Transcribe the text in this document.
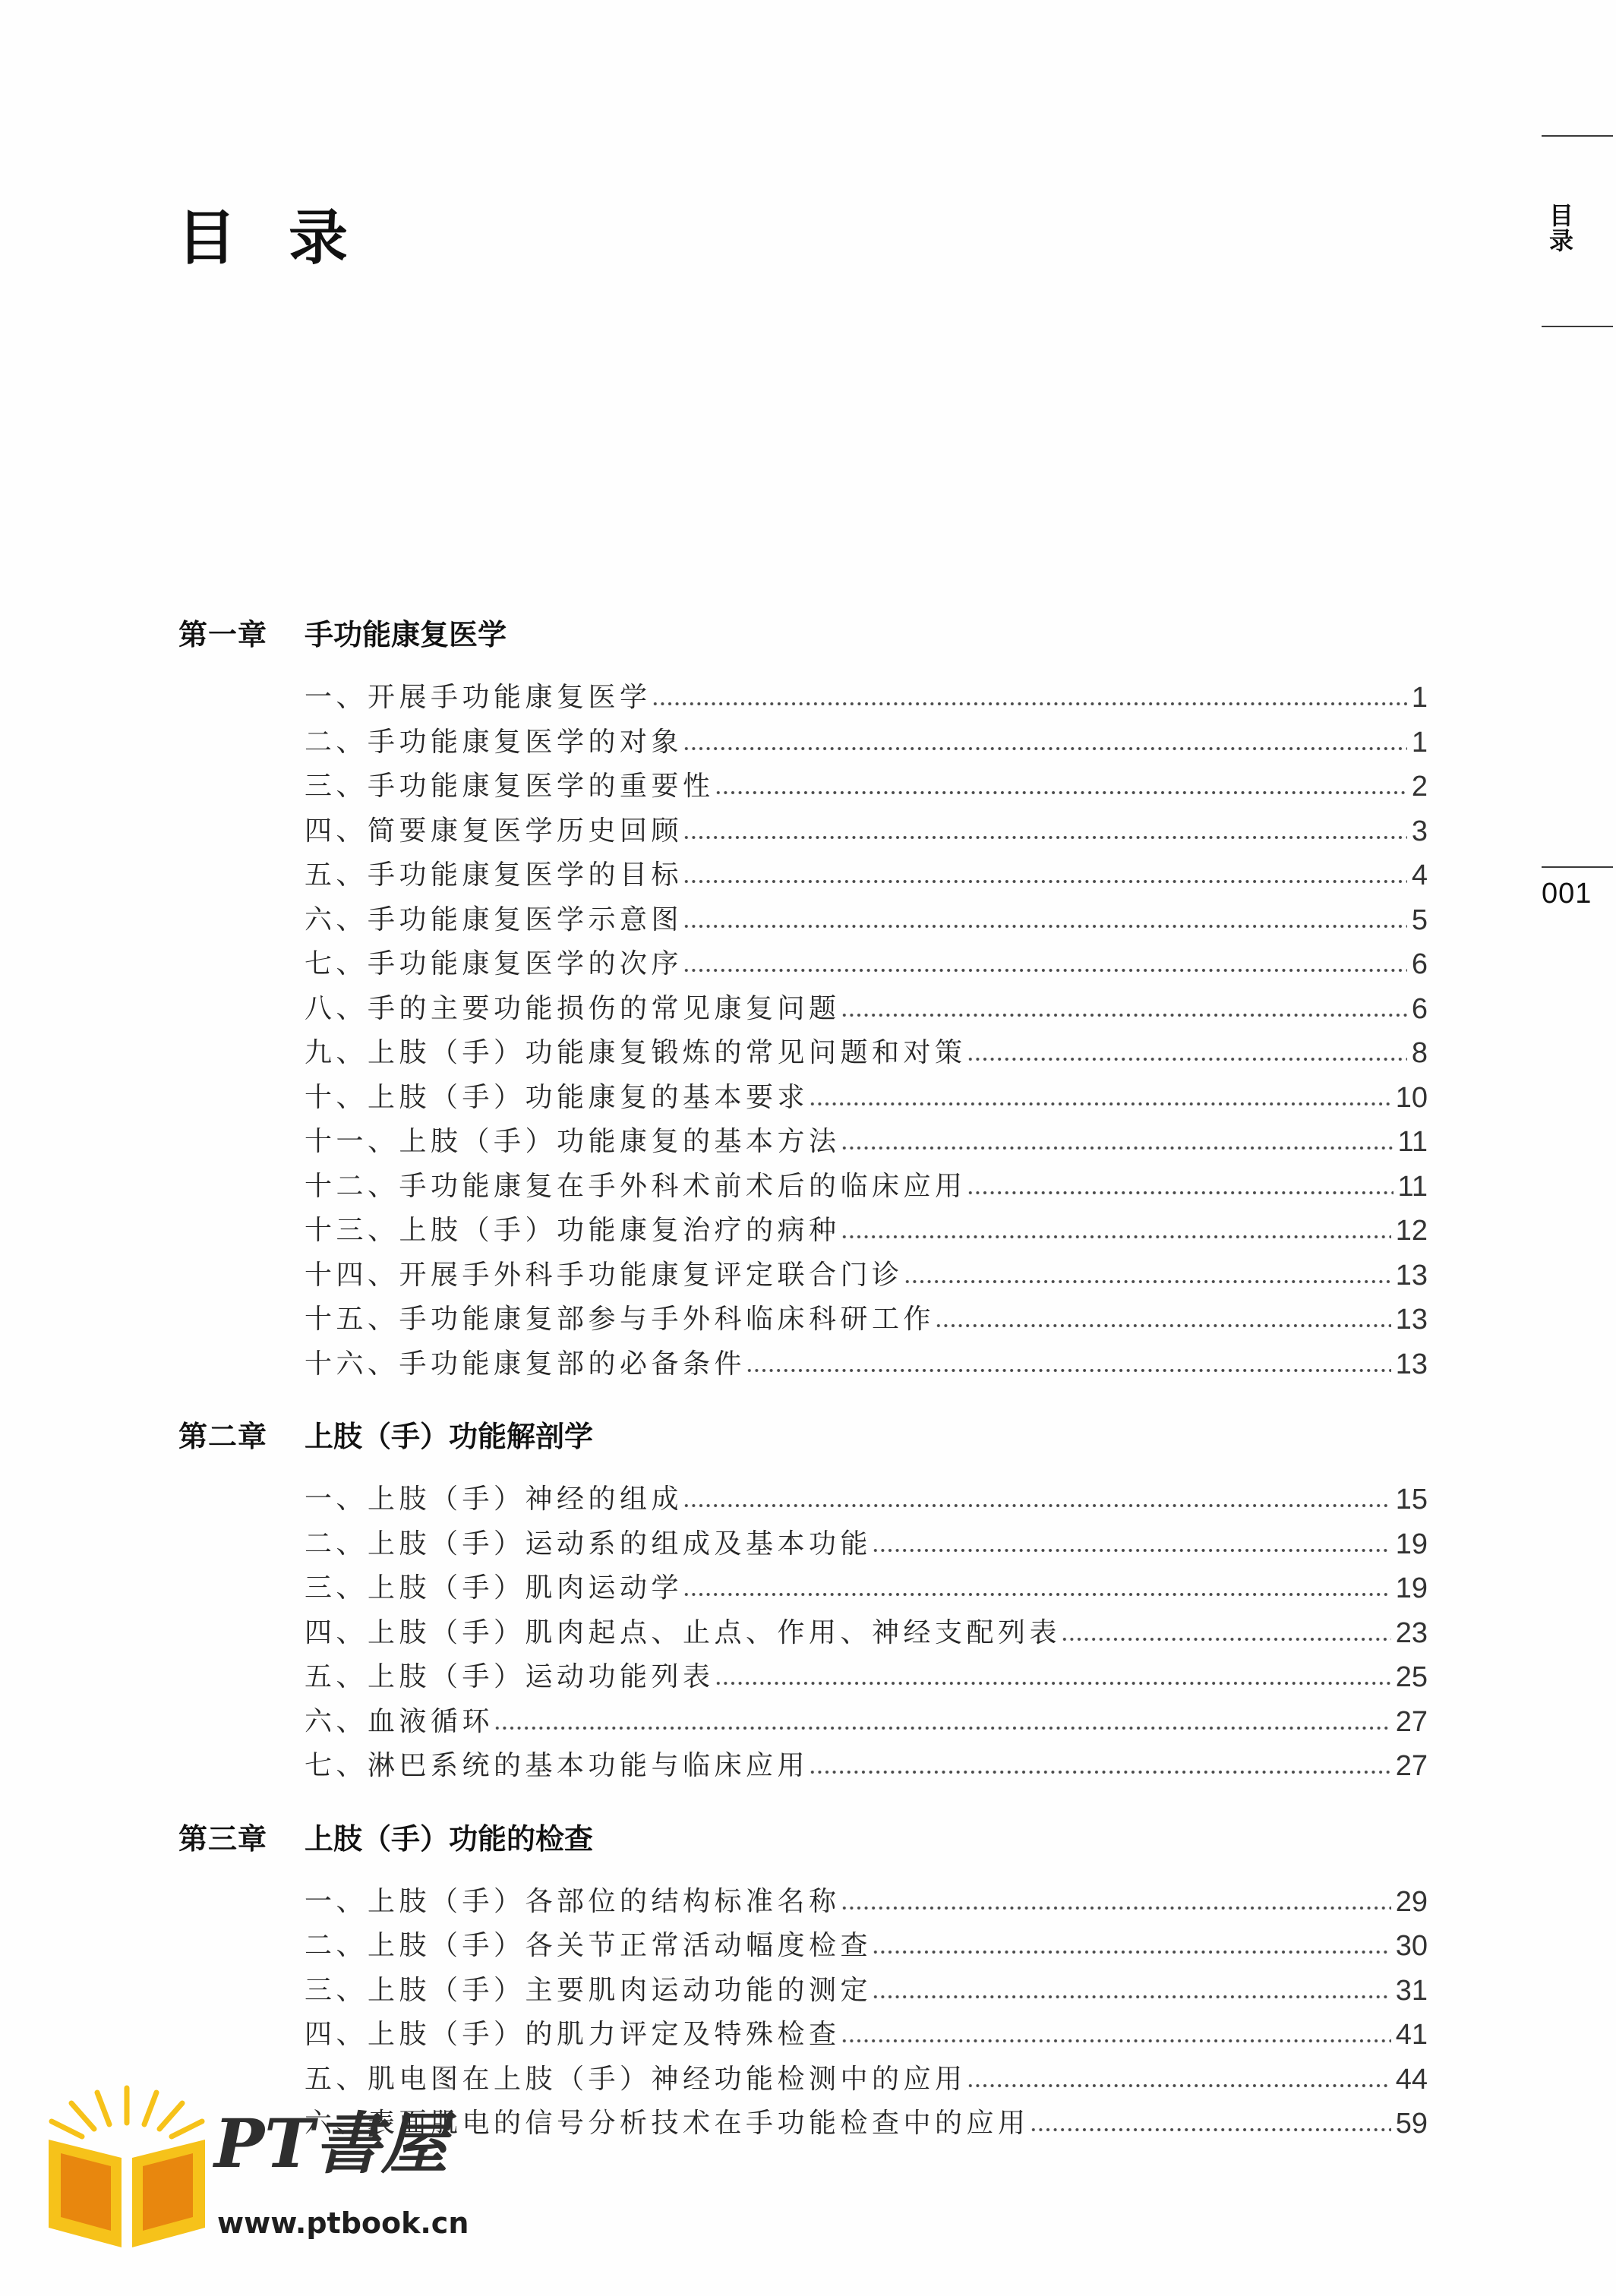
目录	目录
001
第一章	手功能康复医学
一、开展手功能康复医学	1
二、手功能康复医学的对象	1
三、手功能康复医学的重要性	2
四、简要康复医学历史回顾	3
五、手功能康复医学的目标	4
六、手功能康复医学示意图	5
七、手功能康复医学的次序	6
八、手的主要功能损伤的常见康复问题	6
九、上肢（手）功能康复锻炼的常见问题和对策	8
十、上肢（手）功能康复的基本要求	10
十一、上肢（手）功能康复的基本方法	11
十二、手功能康复在手外科术前术后的临床应用	11
十三、上肢（手）功能康复治疗的病种	12
十四、开展手外科手功能康复评定联合门诊	13
十五、手功能康复部参与手外科临床科研工作	13
十六、手功能康复部的必备条件	13
第二章	上肢（手）功能解剖学
一、上肢（手）神经的组成	15
二、上肢（手）运动系的组成及基本功能	19
三、上肢（手）肌肉运动学	19
四、上肢（手）肌肉起点、止点、作用、神经支配列表	23
五、上肢（手）运动功能列表	25
六、血液循环	27
七、淋巴系统的基本功能与临床应用	27
第三章	上肢（手）功能的检查
一、上肢（手）各部位的结构标准名称	29
二、上肢（手）各关节正常活动幅度检查	30
三、上肢（手）主要肌肉运动功能的测定	31
四、上肢（手）的肌力评定及特殊检查	41
五、肌电图在上肢（手）神经功能检测中的应用	44
六、表面肌电的信号分析技术在手功能检查中的应用	59
PT書屋
www.ptbook.cn
